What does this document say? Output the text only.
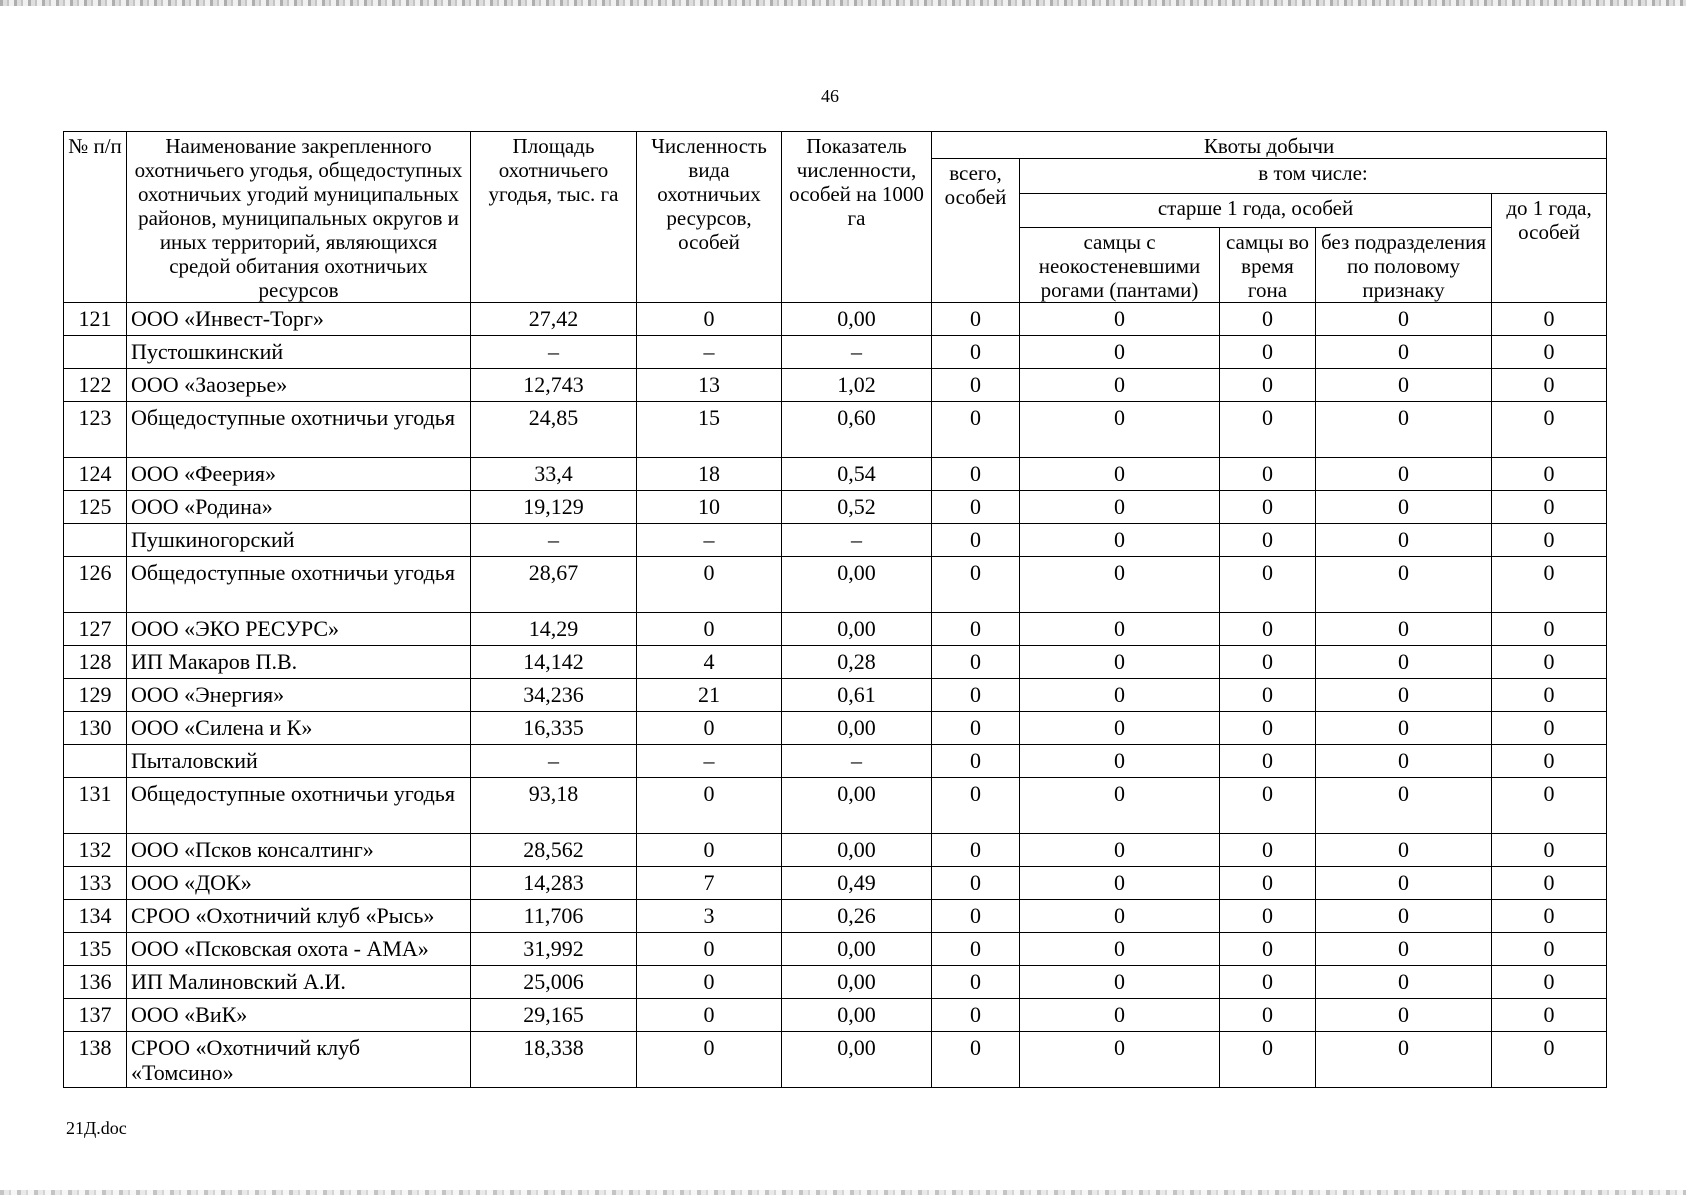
46
№ п/п	Наименование закрепленного охотничьего угодья, общедоступных охотничьих угодий муниципальных районов, муниципальных округов и иных территорий, являющихся средой обитания охотничьих ресурсов	Площадь охотничьего угодья, тыс. га	Численность вида охотничьих ресурсов, особей	Показатель численности, особей на 1000 га	Квоты добычи				
					всего, особей	в том числе:			
						старше 1 года, особей			до 1 года, особей
						самцы с неокостеневшими рогами (пантами)	самцы во время гона	без подразделения по половому признаку	
121	ООО «Инвест-Торг»	27,42	0	0,00	0	0	0	0	0
	Пустошкинский	–	–	–	0	0	0	0	0
122	ООО «Заозерье»	12,743	13	1,02	0	0	0	0	0
123	Общедоступные охотничьи угодья	24,85	15	0,60	0	0	0	0	0
124	ООО «Феерия»	33,4	18	0,54	0	0	0	0	0
125	ООО «Родина»	19,129	10	0,52	0	0	0	0	0
	Пушкиногорский	–	–	–	0	0	0	0	0
126	Общедоступные охотничьи угодья	28,67	0	0,00	0	0	0	0	0
127	ООО «ЭКО РЕСУРС»	14,29	0	0,00	0	0	0	0	0
128	ИП Макаров П.В.	14,142	4	0,28	0	0	0	0	0
129	ООО «Энергия»	34,236	21	0,61	0	0	0	0	0
130	ООО «Силена и К»	16,335	0	0,00	0	0	0	0	0
	Пыталовский	–	–	–	0	0	0	0	0
131	Общедоступные охотничьи угодья	93,18	0	0,00	0	0	0	0	0
132	ООО «Псков консалтинг»	28,562	0	0,00	0	0	0	0	0
133	ООО «ДОК»	14,283	7	0,49	0	0	0	0	0
134	СРОО «Охотничий клуб «Рысь»	11,706	3	0,26	0	0	0	0	0
135	ООО «Псковская охота - АМА»	31,992	0	0,00	0	0	0	0	0
136	ИП Малиновский А.И.	25,006	0	0,00	0	0	0	0	0
137	ООО «ВиК»	29,165	0	0,00	0	0	0	0	0
138	СРОО «Охотничий клуб «Томсино»	18,338	0	0,00	0	0	0	0	0
21Д.doc
